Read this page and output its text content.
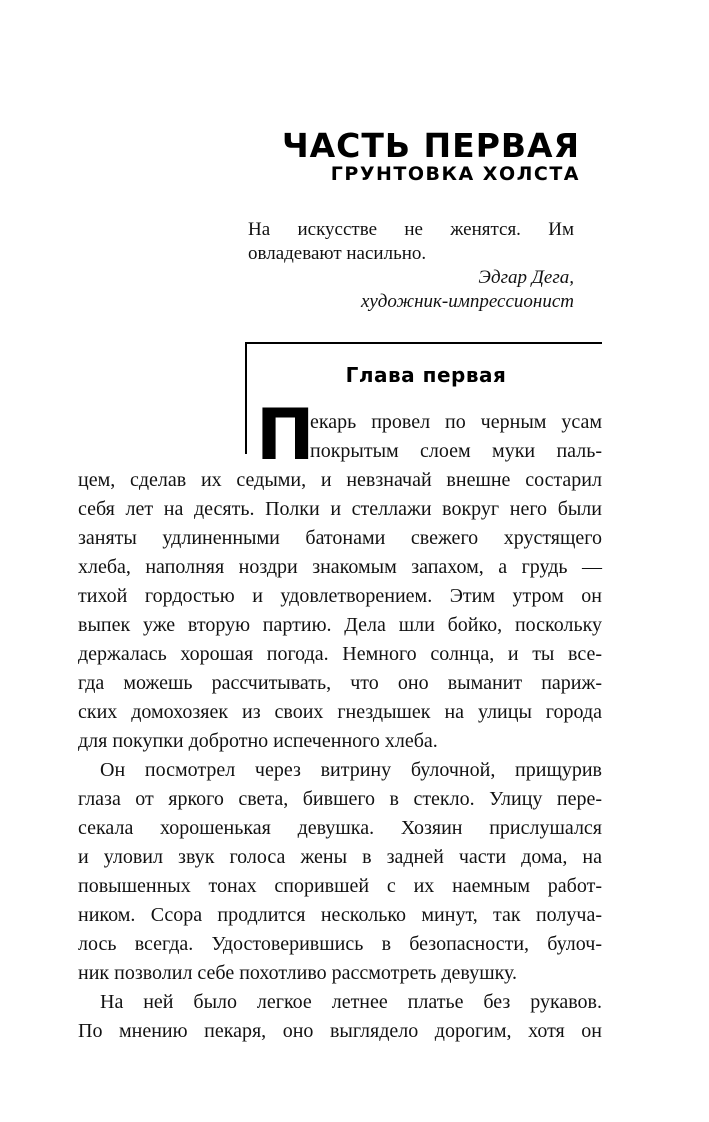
ЧАСТЬ ПЕРВАЯ
ГРУНТОВКА ХОЛСТА
На искусстве не женятся. Им овладевают насильно.
Эдгар Дега,
художник-импрессионист
Глава первая
П
екарь провел по черным усам
покрытым слоем муки паль-
цем, сделав их седыми, и невзначай внешне состарил
себя лет на десять. Полки и стеллажи вокруг него были
заняты удлиненными батонами свежего хрустящего
хлеба, наполняя ноздри знакомым запахом, а грудь —
тихой гордостью и удовлетворением. Этим утром он
выпек уже вторую партию. Дела шли бойко, поскольку
держалась хорошая погода. Немного солнца, и ты все-
гда можешь рассчитывать, что оно выманит париж-
ских домохозяек из своих гнездышек на улицы города
для покупки добротно испеченного хлеба.
Он посмотрел через витрину булочной, прищурив
глаза от яркого света, бившего в стекло. Улицу пере-
секала хорошенькая девушка. Хозяин прислушался
и уловил звук голоса жены в задней части дома, на
повышенных тонах спорившей с их наемным работ-
ником. Ссора продлится несколько минут, так получа-
лось всегда. Удостоверившись в безопасности, булоч-
ник позволил себе похотливо рассмотреть девушку.
На ней было легкое летнее платье без рукавов.
По мнению пекаря, оно выглядело дорогим, хотя он
